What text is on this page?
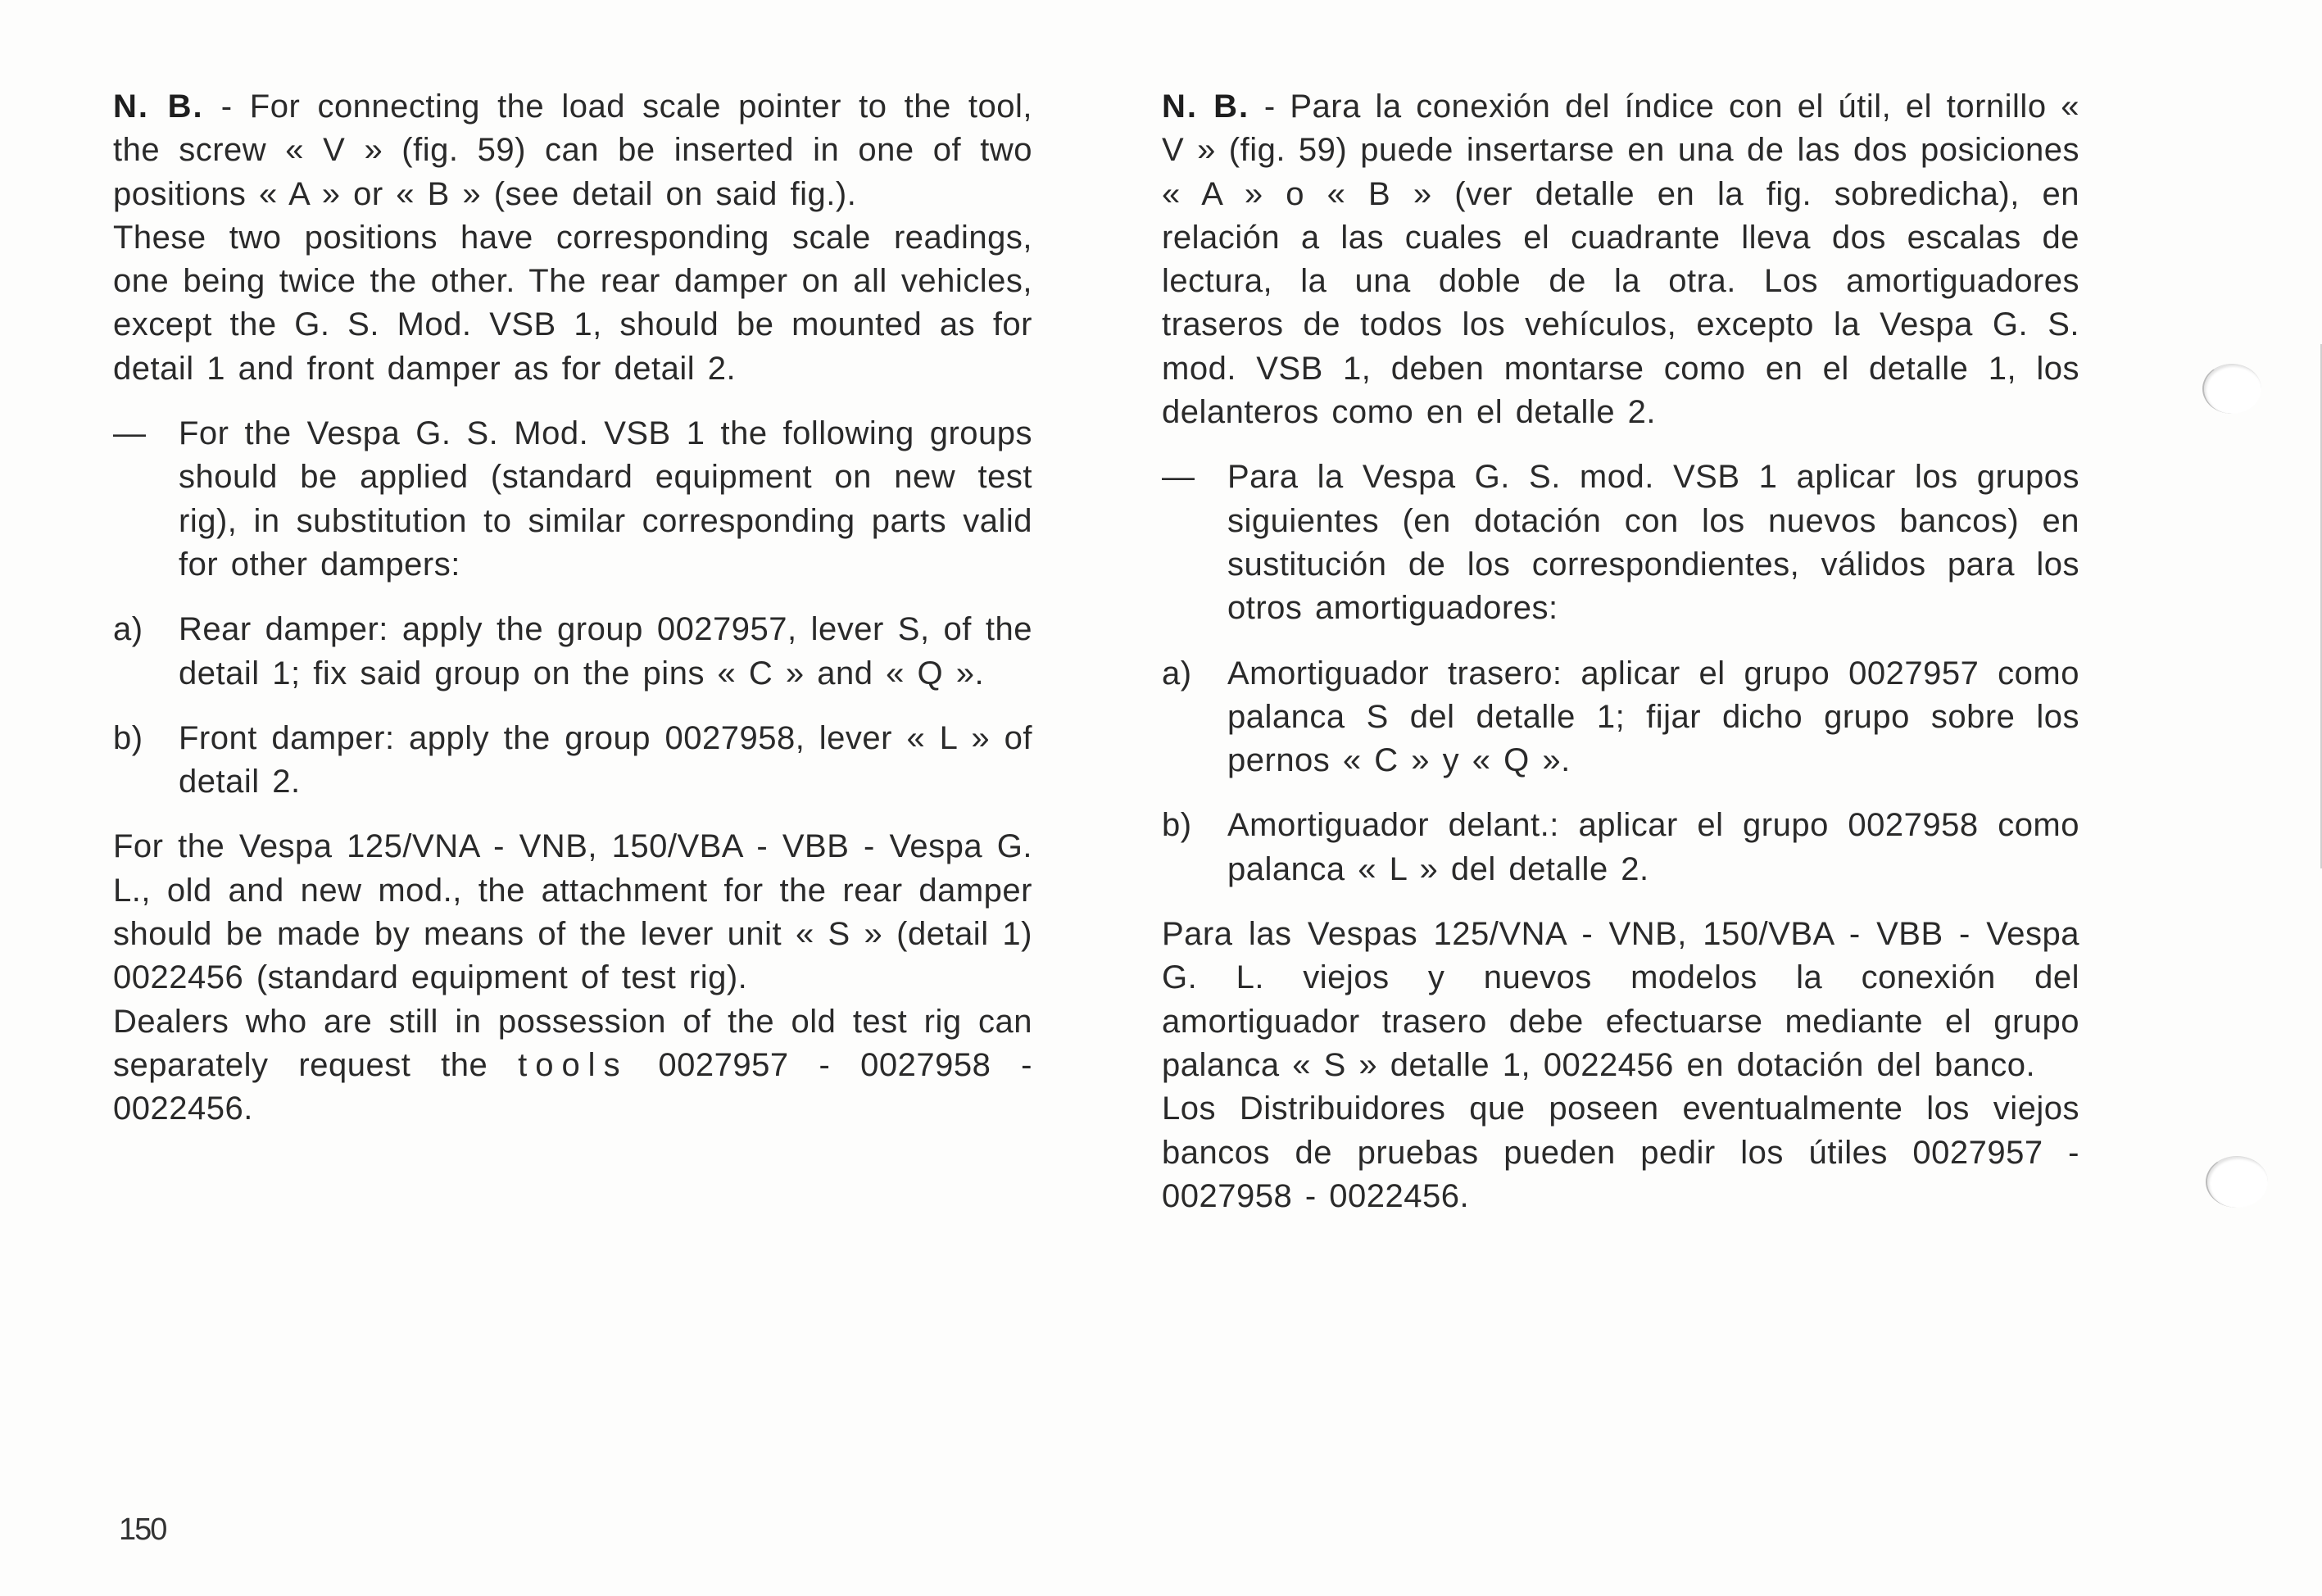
N. B. - For connecting the load scale pointer to the tool, the screw « V » (fig. 59) can be inserted in one of two positions « A » or « B » (see detail on said fig.).

These two positions have corresponding scale readings, one being twice the other. The rear damper on all vehicles, except the G. S. Mod. VSB 1, should be mounted as for detail 1 and front damper as for detail 2.

— For the Vespa G. S. Mod. VSB 1 the following groups should be applied (standard equipment on new test rig), in substitution to similar corresponding parts valid for other dampers:
a)	Rear damper: apply the group 0027957, lever S, of the detail 1; fix said group on the pins « C » and « Q ».
b)	Front damper: apply the group 0027958, lever « L » of detail 2.

For the Vespa 125/VNA - VNB, 150/VBA - VBB - Vespa G. L., old and new mod., the attachment for the rear damper should be made by means of the lever unit « S » (detail 1) 0022456 (standard equipment of test rig).

Dealers who are still in possession of the old test rig can separately request the tools 0027957 - 0027958 - 0022456.

N. B. - Para la conexión del índice con el útil, el tornillo « V » (fig. 59) puede insertarse en una de las dos posiciones « A » o « B » (ver detalle en la fig. sobredicha), en relación a las cuales el cuadrante lleva dos escalas de lectura, la una doble de la otra. Los amortiguadores traseros de todos los vehículos, excepto la Vespa G. S. mod. VSB 1, deben montarse como en el detalle 1, los delanteros como en el detalle 2.

— Para la Vespa G. S. mod. VSB 1 aplicar los grupos siguientes (en dotación con los nuevos bancos) en sustitución de los correspondientes, válidos para los otros amortiguadores:
a)	Amortiguador trasero: aplicar el grupo 0027957 como palanca S del detalle 1; fijar dicho grupo sobre los pernos « C » y « Q ».
b)	Amortiguador delant.: aplicar el grupo 0027958 como palanca « L » del detalle 2.

Para las Vespas 125/VNA - VNB, 150/VBA - VBB - Vespa G. L. viejos y nuevos modelos la conexión del amortiguador trasero debe efectuarse mediante el grupo palanca « S » detalle 1, 0022456 en dotación del banco.

Los Distribuidores que poseen eventualmente los viejos bancos de pruebas pueden pedir los útiles 0027957 - 0027958 - 0022456.

150
